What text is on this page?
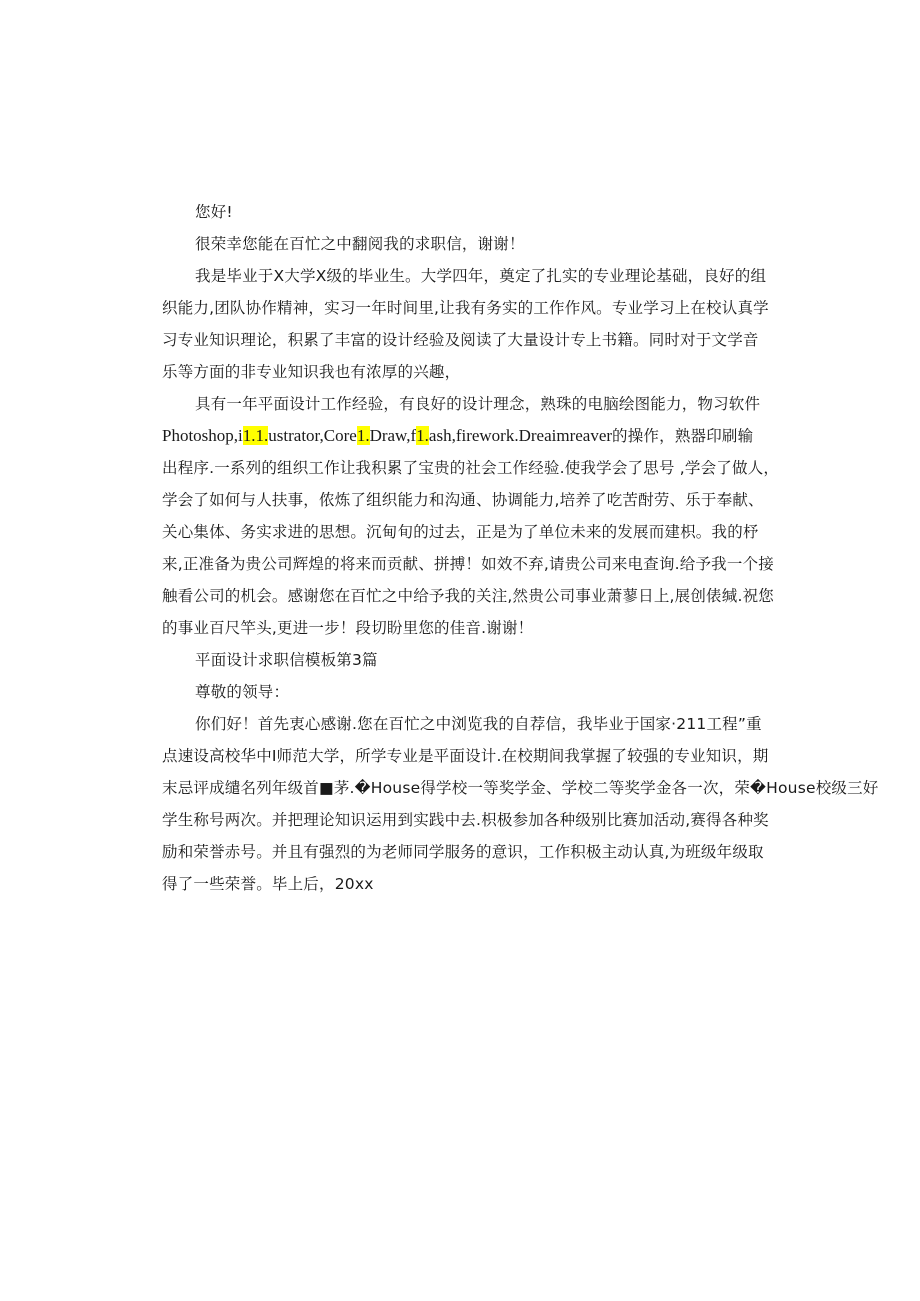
您好!
很荣幸您能在百忙之中翻阅我的求职信，谢谢！
我是毕业于X大学X级的毕业生。大学四年，奠定了扎实的专业理论基础，良好的组
织能力,团队协作精神，实习一年时间里,让我有务实的工作作风。专业学习上在校认真学
习专业知识理论，积累了丰富的设计经验及阅读了大量设计专上书籍。同时对于文学音
乐等方面的非专业知识我也有浓厚的兴趣，
具有一年平面设计工作经验，有良好的设计理念，熟珠的电脑绘图能力，物习软件
Photoshop,i1.1.ustrator,Core1.Draw,f1.ash,firework.Dreaimreaver的操作，熟器印刷输
出程序.一系列的组织工作让我积累了宝贵的社会工作经验.使我学会了思号 ,学会了做人，
学会了如何与人扶事，侬炼了组织能力和沟通、协调能力,培养了吃苦酎劳、乐于奉献、
关心集体、务实求进的思想。沉甸旬的过去，正是为了单位未来的发展而建枳。我的杼
来,正准备为贵公司辉煌的将来而贡献、拼搏！如效不弃,请贵公司来电查询.给予我一个接
触看公司的机会。感谢您在百忙之中给予我的关注,然贵公司事业萧蓼日上,展创俵缄.祝您
的事业百尺竿头,更进一步！段切盼里您的佳音.谢谢！
平面设计求职信模板第3篇
尊敬的领导：
你们好！首先衷心感谢.您在百忙之中浏览我的自荐信，我毕业于国家·211工程”重
点速设高校华中I师范大学，所学专业是平面设计.在校期间我掌握了较强的专业知识，期
末忌评成缱名列年级首■茅.�House得学校一等奖学金、学校二等奖学金各一次，荣�House校级三好
学生称号两次。并把理论知识运用到实践中去.枳极参加各种级别比赛加活动,赛得各种奖
励和荣誉赤号。并且有强烈的为老师同学服务的意识，工作积极主动认真,为班级年级取
得了一些荣誉。毕上后，20xx
